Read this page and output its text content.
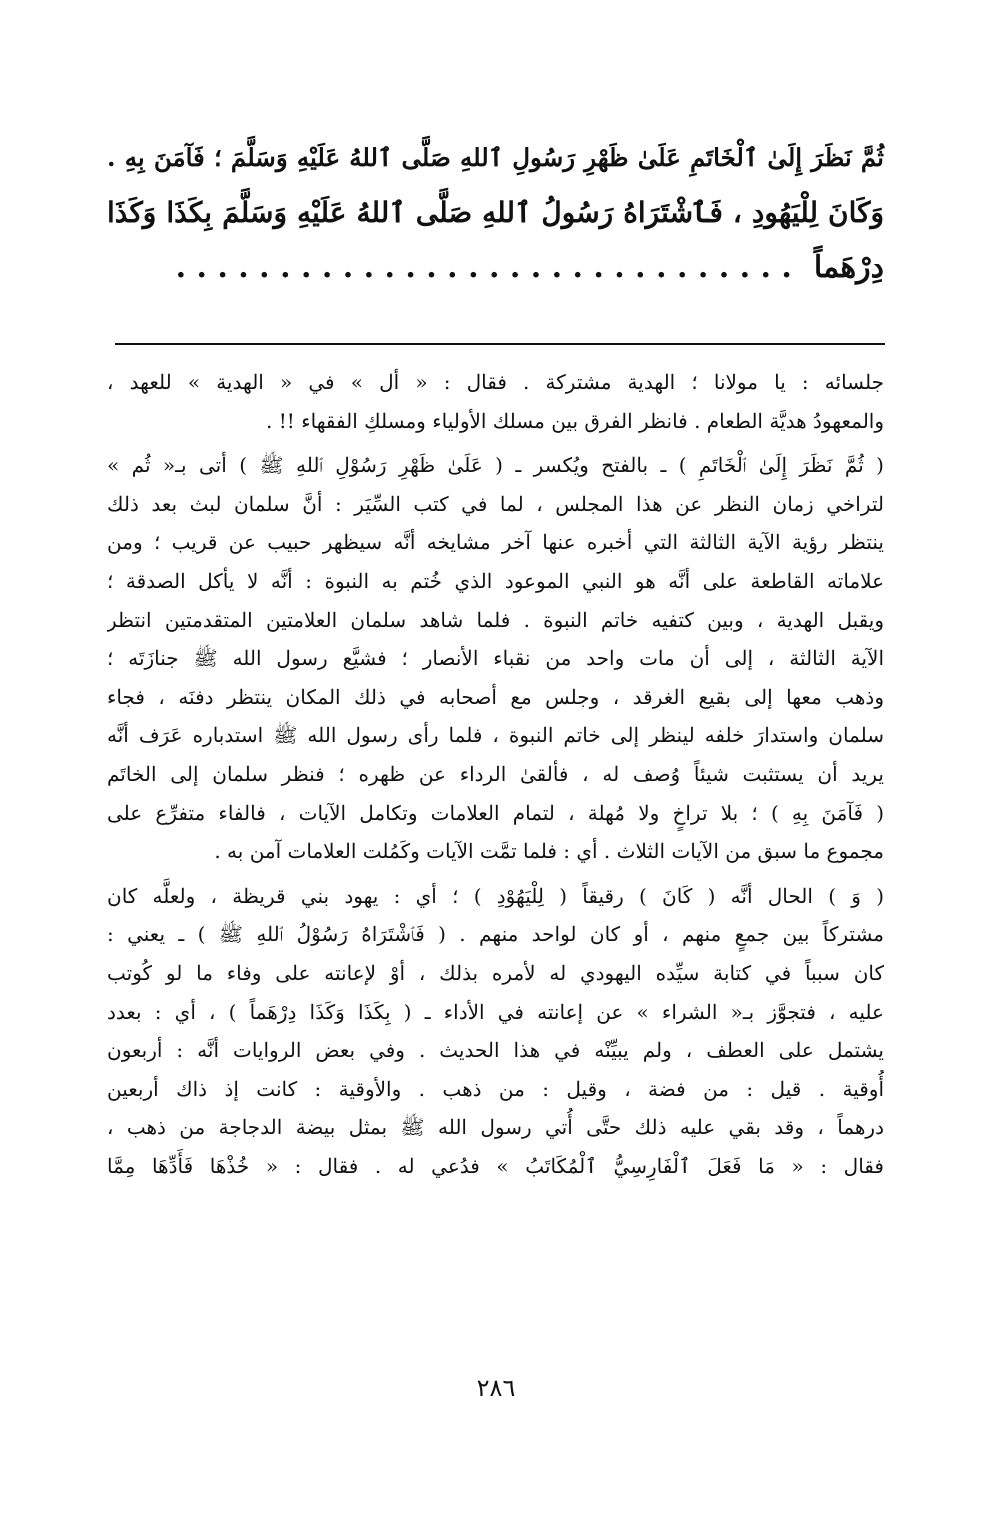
ثُمَّ نَظَرَ إِلَىٰ ٱلْخَاتَمِ عَلَىٰ ظَهْرِ رَسُولِ ٱللهِ صَلَّى ٱللهُ عَلَيْهِ وَسَلَّمَ ؛ فَآمَنَ بِهِ .
وَكَانَ لِلْيَهُودِ ، فَٱشْتَرَاهُ رَسُولُ ٱللهِ صَلَّى ٱللهُ عَلَيْهِ وَسَلَّمَ بِكَذَا وَكَذَا
دِرْهَماً. . . . . . . . . . . . . . . . . . . . . . . . . . . . . .
جلسائه : يا مولانا ؛ الهدية مشتركة . فقال : « أل » في « الهدية » للعهد ،
والمعهودُ هديَّة الطعام . فانظر الفرق بين مسلك الأولياء ومسلكِ الفقهاء !! .
( ثُمَّ نَظَرَ إِلَىٰ ٱلْخَاتَمِ ) ـ بالفتح ويُكسر ـ ( عَلَىٰ ظَهْرِ رَسُوْلِ ٱللهِ ﷺ ) أتى بـ« ثُم »
لتراخي زمان النظر عن هذا المجلس ، لما في كتب السِّيَر : أنَّ سلمان لبث بعد ذلك
ينتظر رؤية الآية الثالثة التي أخبره عنها آخر مشايخه أنَّه سيظهر حبيب عن قريب ؛ ومن
علاماته القاطعة على أنَّه هو النبي الموعود الذي خُتم به النبوة : أنَّه لا يأكل الصدقة ؛
ويقبل الهدية ، وبين كتفيه خاتم النبوة . فلما شاهد سلمان العلامتين المتقدمتين انتظر
الآية الثالثة ، إلى أن مات واحد من نقباء الأنصار ؛ فشيَّع رسول الله ﷺ جنازَتَه ؛
وذهب معها إلى بقيع الغرقد ، وجلس مع أصحابه في ذلك المكان ينتظر دفنَه ، فجاء
سلمان واستدارَ خلفه لينظر إلى خاتم النبوة ، فلما رأى رسول الله ﷺ استدباره عَرَف أنَّه
يريد أن يستثبت شيئاً وُصف له ، فألقىٰ الرداء عن ظهره ؛ فنظر سلمان إلى الخاتَم
( فَآمَنَ بِهِ ) ؛ بلا تراخٍ ولا مُهلة ، لتمام العلامات وتكامل الآيات ، فالفاء متفرِّع على
مجموع ما سبق من الآيات الثلاث . أي : فلما تمَّت الآيات وكَمُلت العلامات آمن به .
( وَ ) الحال أنَّه ( كَانَ ) رقيقاً ( لِلْيَهُوْدِ ) ؛ أي : يهود بني قريظة ، ولعلَّه كان
مشتركاً بين جمعٍ منهم ، أو كان لواحد منهم . ( فَٱشْتَرَاهُ رَسُوْلُ ٱللهِ ﷺ ) ـ يعني :
كان سبباً في كتابة سيِّده اليهودي له لأمره بذلك ، أوْ لإعانته على وفاء ما لو كُوتب
عليه ، فتجوَّز بـ« الشراء » عن إعانته في الأداء ـ ( بِكَذَا وَكَذَا دِرْهَماً ) ، أي : بعدد
يشتمل على العطف ، ولم يبيِّنْه في هذا الحديث . وفي بعض الروايات أنَّه : أربعون
أُوقية . قيل : من فضة ، وقيل : من ذهب . والأوقية : كانت إذ ذاك أربعين
درهماً ، وقد بقي عليه ذلك حتَّى أُتي رسول الله ﷺ بمثل بيضة الدجاجة من ذهب ،
فقال : « مَا فَعَلَ ٱلْفَارِسِيُّ ٱلْمُكَاتَبُ » فدُعي له . فقال : « خُذْهَا فَأَدِّهَا مِمَّا
٢٨٦
